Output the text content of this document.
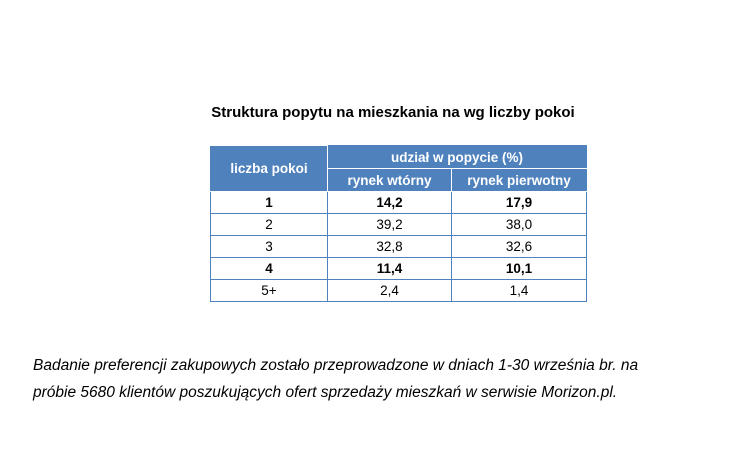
Struktura popytu na mieszkania na wg liczby pokoi
liczba pokoi	udział w popycie (%)	
	rynek wtórny	rynek pierwotny
1	14,2	17,9
2	39,2	38,0
3	32,8	32,6
4	11,4	10,1
5+	2,4	1,4
Badanie preferencji zakupowych zostało przeprowadzone w dniach 1-30 września br. na
próbie 5680 klientów poszukujących ofert sprzedaży mieszkań w serwisie Morizon.pl.
